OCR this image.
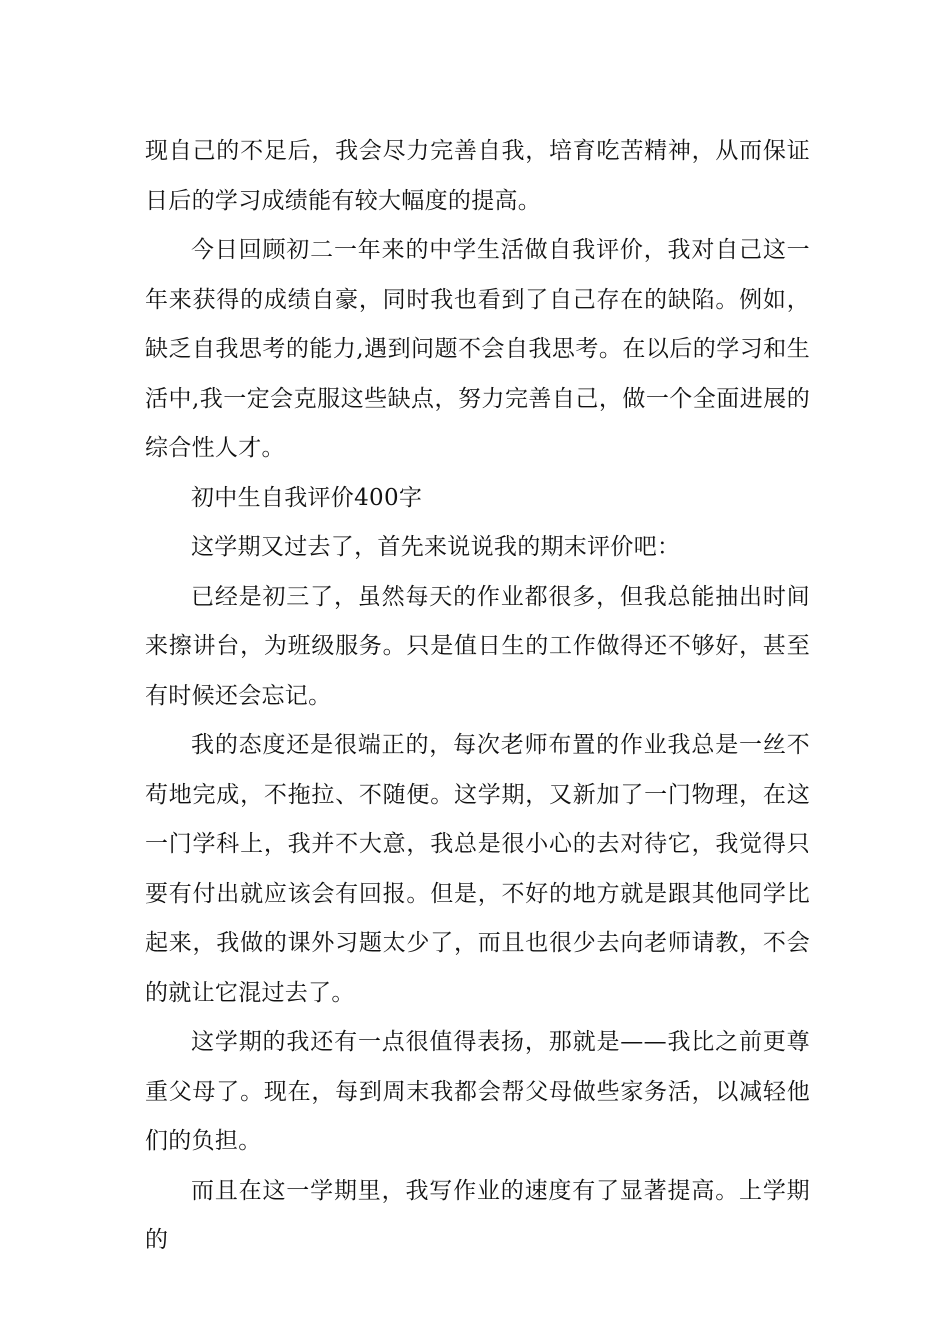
现自己的不足后，我会尽力完善自我，培育吃苦精神，从而保证日后的学习成绩能有较大幅度的提高。

今日回顾初二一年来的中学生活做自我评价，我对自己这一年来获得的成绩自豪，同时我也看到了自己存在的缺陷。例如，缺乏自我思考的能力,遇到问题不会自我思考。在以后的学习和生活中,我一定会克服这些缺点，努力完善自己，做一个全面进展的综合性人才。

初中生自我评价400字

这学期又过去了，首先来说说我的期末评价吧：

已经是初三了，虽然每天的作业都很多，但我总能抽出时间来擦讲台，为班级服务。只是值日生的工作做得还不够好，甚至有时候还会忘记。

我的态度还是很端正的，每次老师布置的作业我总是一丝不苟地完成，不拖拉、不随便。这学期，又新加了一门物理，在这一门学科上，我并不大意，我总是很小心的去对待它，我觉得只要有付出就应该会有回报。但是，不好的地方就是跟其他同学比起来，我做的课外习题太少了，而且也很少去向老师请教，不会的就让它混过去了。

这学期的我还有一点很值得表扬，那就是——我比之前更尊重父母了。现在，每到周末我都会帮父母做些家务活，以减轻他们的负担。

而且在这一学期里，我写作业的速度有了显著提高。上学期的
